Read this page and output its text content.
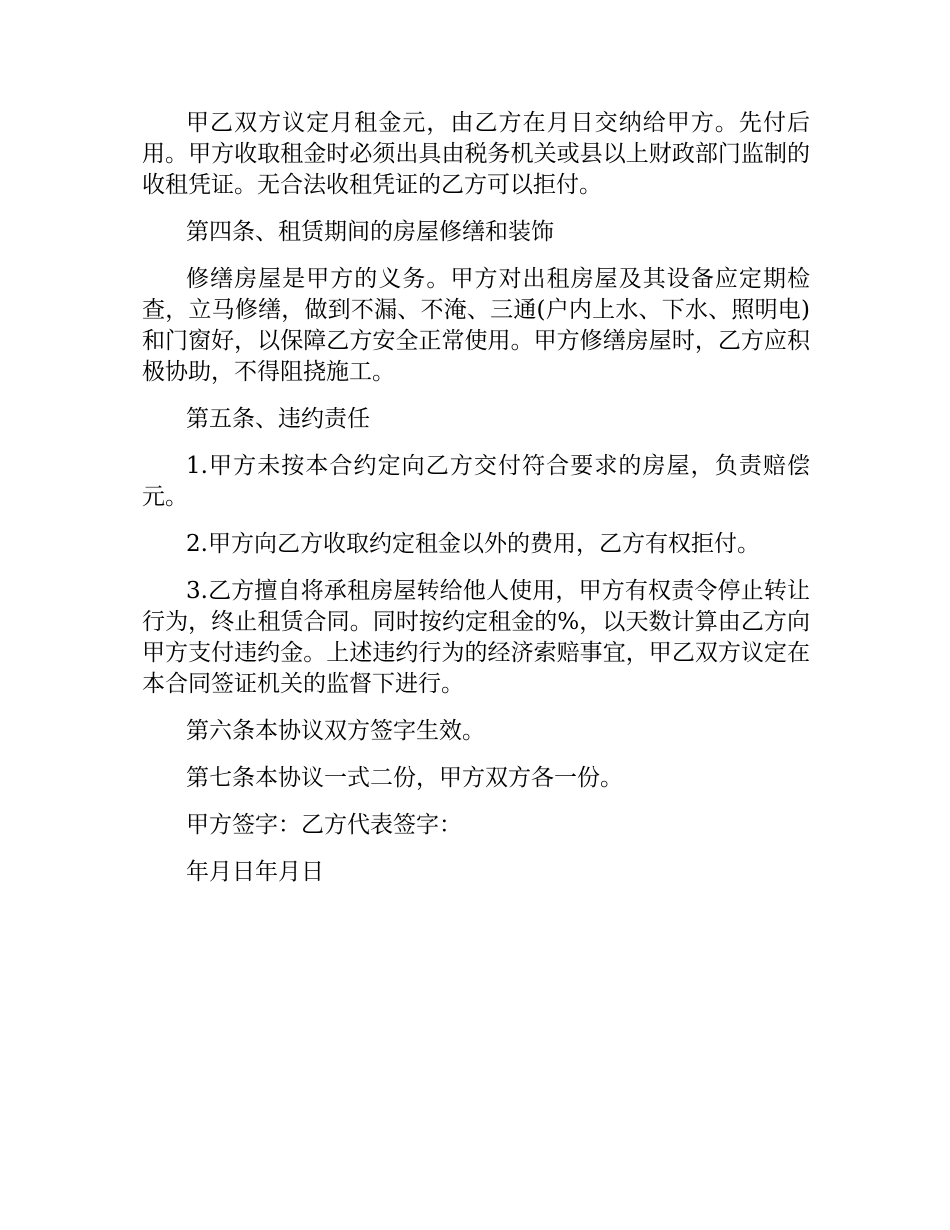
甲乙双方议定月租金元，由乙方在月日交纳给甲方。先付后用。甲方收取租金时必须出具由税务机关或县以上财政部门监制的收租凭证。无合法收租凭证的乙方可以拒付。

第四条、租赁期间的房屋修缮和装饰

修缮房屋是甲方的义务。甲方对出租房屋及其设备应定期检查，立马修缮，做到不漏、不淹、三通(户内上水、下水、照明电)和门窗好，以保障乙方安全正常使用。甲方修缮房屋时，乙方应积极协助，不得阻挠施工。

第五条、违约责任

1.甲方未按本合约定向乙方交付符合要求的房屋，负责赔偿元。

2.甲方向乙方收取约定租金以外的费用，乙方有权拒付。

3.乙方擅自将承租房屋转给他人使用，甲方有权责令停止转让行为，终止租赁合同。同时按约定租金的%，以天数计算由乙方向甲方支付违约金。上述违约行为的经济索赔事宜，甲乙双方议定在本合同签证机关的监督下进行。

第六条本协议双方签字生效。

第七条本协议一式二份，甲方双方各一份。

甲方签字：乙方代表签字：

年月日年月日
